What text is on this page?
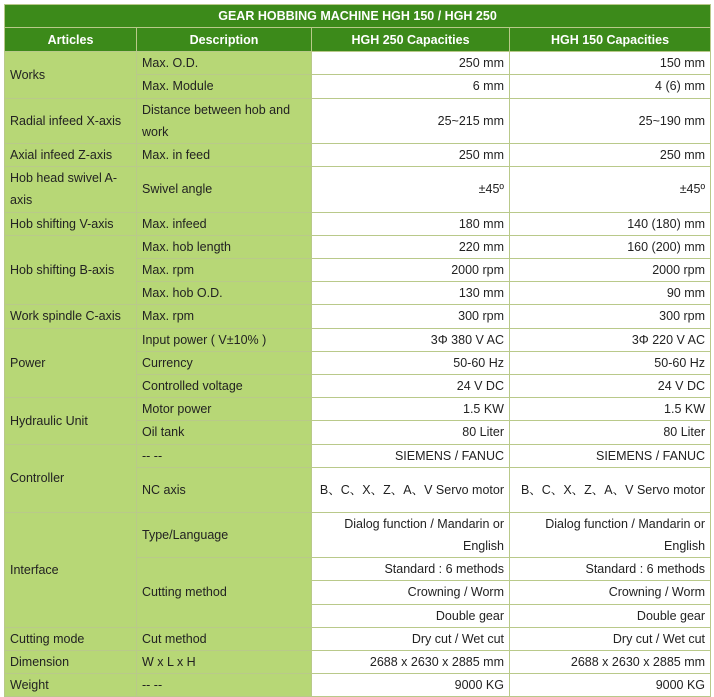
GEAR HOBBING MACHINE HGH 150 / HGH 250			
Articles	Description	HGH 250 Capacities	HGH 150 Capacities
Works	Max. O.D.	250 mm	150 mm
	Max. Module	6 mm	4 (6) mm
Radial infeed X-axis	Distance between hob and work	25~215 mm	25~190 mm
Axial infeed Z-axis	Max. in feed	250 mm	250 mm
Hob head swivel A-axis	Swivel angle	±45º	±45º
Hob shifting V-axis	Max. infeed	180 mm	140 (180) mm
Hob shifting B-axis	Max. hob length	220 mm	160 (200) mm
	Max. rpm	2000 rpm	2000 rpm
	Max. hob O.D.	130 mm	90 mm
Work spindle C-axis	Max. rpm	300 rpm	300 rpm
Power	Input power ( V±10% )	3Φ 380 V AC	3Φ 220 V AC
	Currency	50-60 Hz	50-60 Hz
	Controlled voltage	24 V DC	24 V DC
Hydraulic Unit	Motor power	1.5 KW	1.5 KW
	Oil tank	80 Liter	80 Liter
Controller	-- --	SIEMENS / FANUC	SIEMENS / FANUC
	NC axis	B、C、X、Z、A、V Servo motor	B、C、X、Z、A、V Servo motor
Interface	Type/Language	Dialog function / Mandarin or English	Dialog function / Mandarin or English
	Cutting method	Standard : 6 methods	Standard : 6 methods
		Crowning / Worm	Crowning / Worm
		Double gear	Double gear
Cutting mode	Cut method	Dry cut / Wet cut	Dry cut / Wet cut
Dimension	W x L x H	2688 x 2630 x 2885 mm	2688 x 2630 x 2885 mm
Weight	-- --	9000 KG	9000 KG
